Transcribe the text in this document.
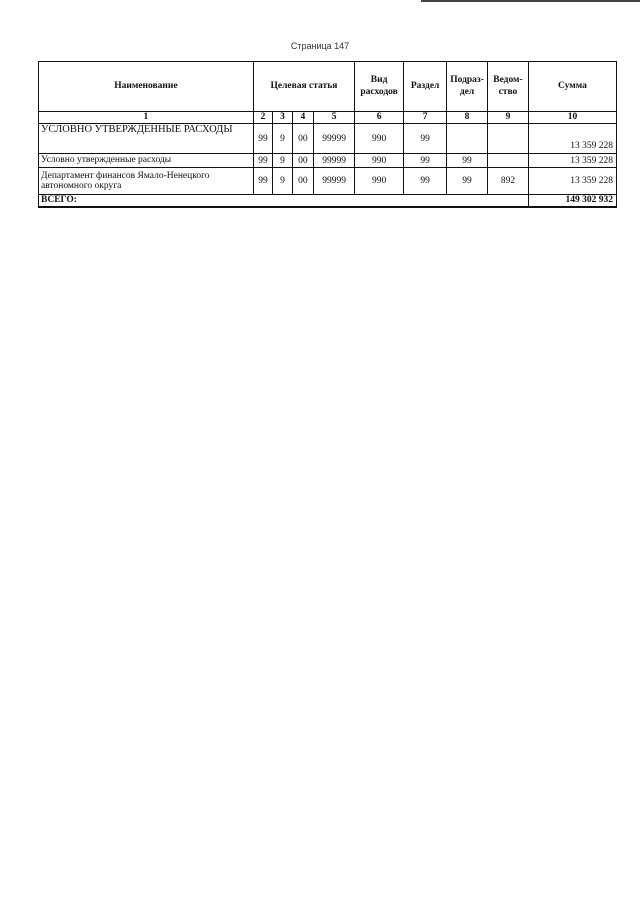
Страница 147
Наименование	Целевая статья				Вид расходов	Раздел	Подраз-дел	Ведом-ство	Сумма
1	2	3	4	5	6	7	8	9	10
УСЛОВНО УТВЕРЖДЕННЫЕ РАСХОДЫ	99	9	00	99999	990	99			13 359 228
Условно утвержденные расходы	99	9	00	99999	990	99	99		13 359 228
Департамент финансов Ямало-Ненецкого автономного округа	99	9	00	99999	990	99	99	892	13 359 228
ВСЕГО:									149 302 932
